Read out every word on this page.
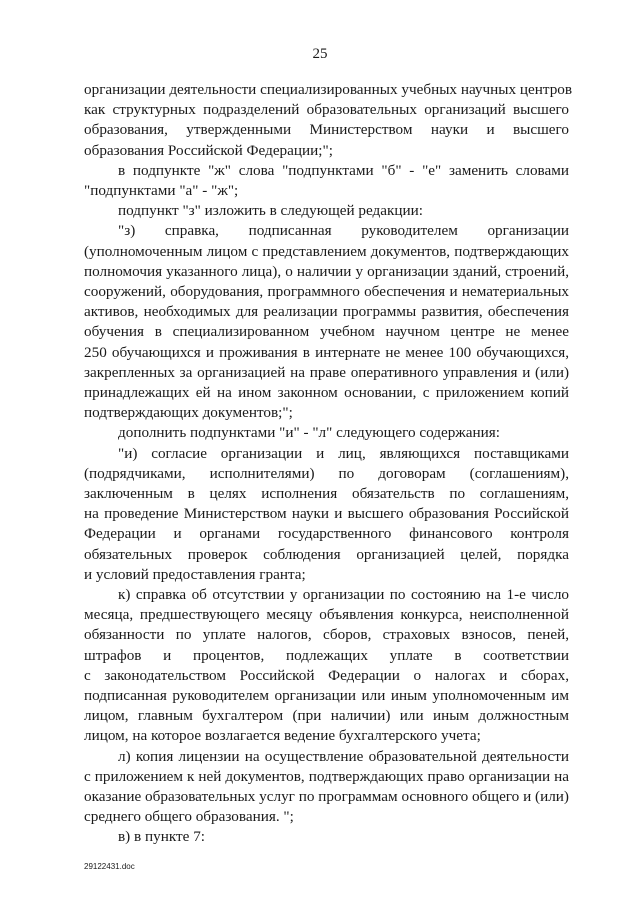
25
организации деятельности специализированных учебных научных центров
как структурных подразделений образовательных организаций высшего
образования, утвержденными Министерством науки и высшего
образования Российской Федерации;";
в подпункте "ж" слова "подпунктами "б" - "е" заменить словами
"подпунктами "а" - "ж";
подпункт "з" изложить в следующей редакции:
"з) справка, подписанная руководителем организации
(уполномоченным лицом с представлением документов, подтверждающих
полномочия указанного лица), о наличии у организации зданий, строений,
сооружений, оборудования, программного обеспечения и нематериальных
активов, необходимых для реализации программы развития, обеспечения
обучения в специализированном учебном научном центре не менее
250 обучающихся и проживания в интернате не менее 100 обучающихся,
закрепленных за организацией на праве оперативного управления и (или)
принадлежащих ей на ином законном основании, с приложением копий
подтверждающих документов;";
дополнить подпунктами "и" - "л" следующего содержания:
"и) согласие организации и лиц, являющихся поставщиками
(подрядчиками, исполнителями) по договорам (соглашениям),
заключенным в целях исполнения обязательств по соглашениям,
на проведение Министерством науки и высшего образования Российской
Федерации и органами государственного финансового контроля
обязательных проверок соблюдения организацией целей, порядка
и условий предоставления гранта;
к) справка об отсутствии у организации по состоянию на 1-е число
месяца, предшествующего месяцу объявления конкурса, неисполненной
обязанности по уплате налогов, сборов, страховых взносов, пеней,
штрафов и процентов, подлежащих уплате в соответствии
с законодательством Российской Федерации о налогах и сборах,
подписанная руководителем организации или иным уполномоченным им
лицом, главным бухгалтером (при наличии) или иным должностным
лицом, на которое возлагается ведение бухгалтерского учета;
л) копия лицензии на осуществление образовательной деятельности
с приложением к ней документов, подтверждающих право организации на
оказание образовательных услуг по программам основного общего и (или)
среднего общего образования. ";
в) в пункте 7:
29122431.doc
